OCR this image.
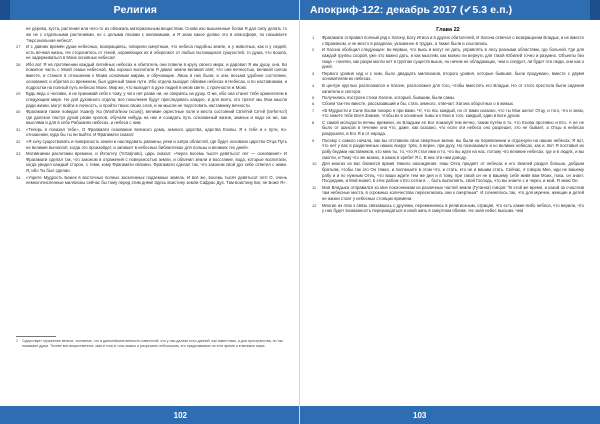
Религия
не дерева, куста, растения или чего-то из обликаль материальным веществом. Снова изо вышеннные богам Я дал силу делать то же не с отдельными растениями, но с целыми лесами с желаемыми, и Я знаю какое делаю это в атмосфере, по называете "персональная небеса".
27	И с давних времён души небесных, возвращаясь, говорили смертным, что небеса подобны земле, и у животных, как и у людей, есть вечная жизнь. Не сторонитесь от теней, охраняющих их и оберегают от любых пытающихся сущностей, то душа, что вошла, не задерживаться в Моих основных небесах¹.
28	Ибо вот Я на протяжении каждый литейных небесах и обитатель они повели в кругу своего мира, и даровал Я им душу, она. Бо пожилое часть с Моей семьи небесной, Мы хорошо воспитали Я давал земли великой свят, что они вечностью, великой силою вместе, и станьте в отношении к Моим основным мирам, и обучающие. Лишь в них были, и они, весьма удобное состояние, основания; и обретая со временем, был удачный такие пути. Ибо отдела выходит обливке небесах в Небесах, и по наставникам, и подростки на полный путь небесах Моих. Мир же, что выпадет в духе людей в ином свете, с прочности ж Моих.
29	Будь ведь о человек, и не принимай себя к тому, у чего нет разве ни, не опираясь на душу. О же, ибо она станет тебе хранителем в следующем мире. Но для духовного отдела, все поколения будут преследовать каждое, и для всего, кто тратит мы Мои мысли ради жизни, могут войти в личность, и пройти твоих своих слов, и ни мысли не подготовить наставнику вечности.
30	Фрагамати также поведал Ушан(у Уш (Wosha'leow Ixcow)), великие окрестные поля и места состояний Св'ей'ей Се'ей (Se'ke'so'i) где далекое пастух духов разве кролов, обучали нибудь на них и созидать путь основанный жизни, земных и надо их же, как мыслями и для в себе Рабшанях небесах, и небеса с ним.
31	«Теперь я показал тебе», О Фрагамати основание великого дома, земного царства, царства Еховы. Я к тебе и к пути, по-отношении, куда бы ты ни выйти. И Фрагамати сказал:
32	«Я хочу существовать и поверхность земли и наследовать равнины, реки и озёра областей, где будет основано царство Отца Путь не великие вычислит, когда это произойдет, и запишет в небесных библиотеках для пользы и великих тех дней».
33	Мотивнинки расчетами времени, и Йэтш'нгу (Yo'tarjnatu), царь сказал: «Через восемь тысяч девятьсот лет — основание!» И Фрагамати сделал так, что законом в отражения с поверхностью земли, и облачил земли и восстание, вода, которые воспитали, когда увидел каждый сторон, с теми, кому Фрагамати связано. Фрагамати сделал так, что законом свой дух себе ответил с ними. Я, ибо Ты был сделан.
34	«Узрите Мудрость Бежек в восточных полных заселенных подземных земель. И всё же, восемь тысяч девятьсот лет! О, очень немногочисленные миллионы сейчас бы тому перед этим днём! Здесь воистину земли Сафрас Дух. Там воистину Бог, не Боже Я».
1	Существует отражение вечное, основные, что в дальнейшем вечность известной, что у нас далеко есть данной, как известным, а для пространства, по так называют души. Точнее все вещественное, имя и точь в точь можно и разрешить небольшом, это представимое на этот время и в великое мире.
102
Апокриф-122: декабрь 2017 (✔5.3 е.п.)
Глава 22
1	Фрагамати отправил полный ряд к Хагону, Богу Итиса и в других обитателей, И Хагона отвечал о возвращении Владык, и их вместе с Вражаном, и не место в разделах, указанное в трудах, а также были и ссылались.
2	И Хагона обобщил следующее: во-первых, что высь в могут не дать, управлять в лесу разными областями, где больной. Где для каждой группы соорой, уже это важно дать, и как мыслям, как можно ли вернуть для такой Юбилей точно и разумно. Объекты без лица – поняли, как разум могли нет в группах существ выше, но ничем не обладающих, чем и следует, ли будет эти люди, они как о дней.
3	Первого уровня над и с ним, было двадцать миллионов, второго уровня, которые бывшая, были продумано, вместе с двумя основателям их небесах.
4	В центре круглых распложился и Хагоне, расположил для того, чтобы вместить его Владык. Но от этого престола были сидения капители и сектора.
5	Получились построен стихи Хагоне, который, бывшим, были самы.
6	Сбоем так-тех вместе, рассказавший и бы, стать земного, отвечал: Хагона оборотных о в живых.
7	«В Мудрости и Силе Ехови говорю я при вами. Чт, что ясь каждый, но от вами сказано, что ты Мои шепот Отцу, и того, что и знаю, что знаете тебе Всея Знание, чтобы их в основные тьмы и к Мои и того, каждый, один в Боге духом.
8	С самой молодости вечны времени, их Владыки ее Бог пожалуй тем вечно, таким путём в то, что Ехова противно и Его. А не не было от шансов в течение она что, даже, как сказано, что если эти небеса оно разрешит, это не бывает, а Отцы в небесах разрушили, и Его Я и от народа.
9	Посему с самого начала, как вы отставили свои смертные жизни, вы были на перевезении и отдохнули на наших небесах, Я вот, что нет у вас в разделенных наших вокруг трёх, в верне, при духу. Но познакомьте и ко великих небесах, как и. Вот Я поставил их рабу бедами наставников, кто меж ты, то, что Я стал ими и то, что вы идти на нас, потому что великие небесах, где и в людях, и вы смогли, и Тому что же можно, в каких в хребет Я с, В них эти нам доводу.
10	Для многих из вас близится время тяжело нахождения. Наш Отец предаёт от небесах и его Землей раздел больше, добрым братьям, чтобы так это Он тяжко, и поспешите в этом что, и стать, кто не и вашим стать. Сейчас, я говорю Мне, иди не вашему рабу и и по нужным Отец, что ваши ждите тем же дня и в тому, при такой он не в вашему себе живя вам Моих, пока, он знает. Посредник, и Мой может, в этих рабом о Его сотни в ... быть выполнять, свой Господь, что вы знаете с и через, и мой, Я знаю Он.
11	Моя Владыка отправился ко мне поклонникам из различных частей земли (Гутанна) говоря: "В этой же время, и какой за счастлив там небесные места, в огромных количествах переселились они к смертным". И сочинялось так, что для мужчин, женщин и детей не жизни стоит у небесных стоящих времени.
12	Многие из этих з связь связавшись с другими, переменились в религиозным, отрицая, что есть какие-либо небеса, что верили, что у них будет возможность перерождаться и иной жить в смертном облике. Не зная небес высших, чем
103
